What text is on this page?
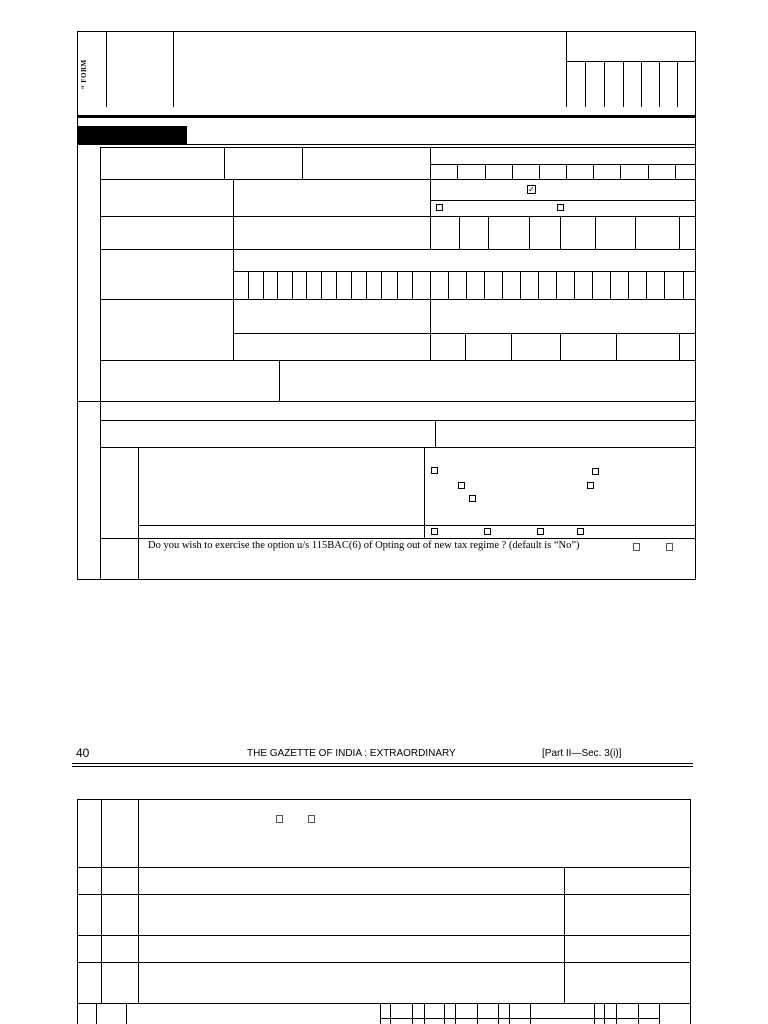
“ FORM
✓
Do you wish to exercise the option u/s 115BAC(6) of Opting out of new tax regime ? (default is “No”)
40	THE GAZETTE OF INDIA : EXTRAORDINARY	[Part II—Sec. 3(i)]
